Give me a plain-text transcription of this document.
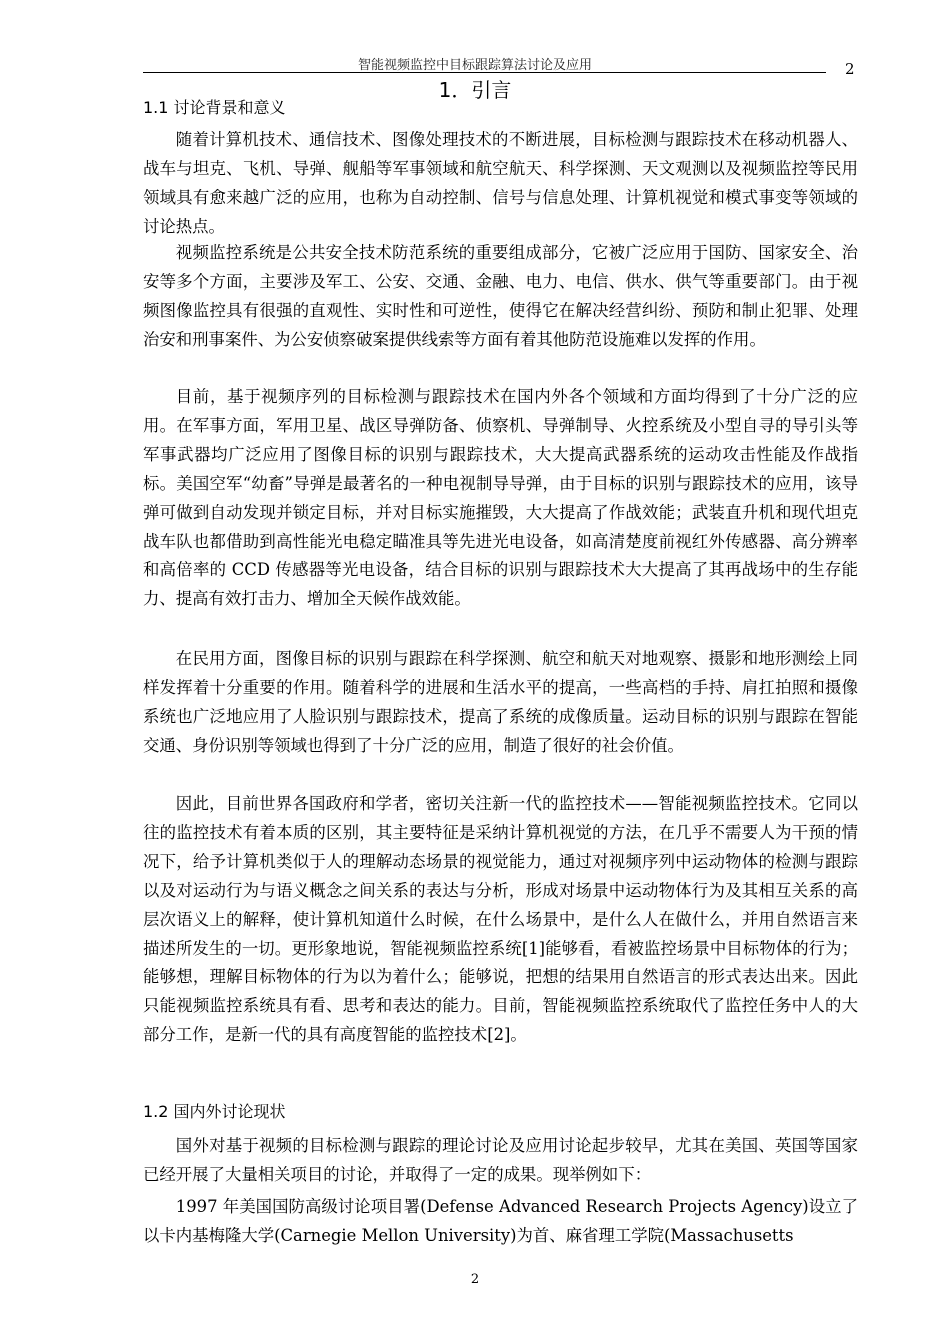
智能视频监控中目标跟踪算法讨论及应用	2
1．引言
1.1 讨论背景和意义

随着计算机技术、通信技术、图像处理技术的不断进展，目标检测与跟踪技术在移动机器人、战车与坦克、飞机、导弹、舰船等军事领域和航空航天、科学探测、天文观测以及视频监控等民用领域具有愈来越广泛的应用，也称为自动控制、信号与信息处理、计算机视觉和模式事变等领域的讨论热点。

视频监控系统是公共安全技术防范系统的重要组成部分，它被广泛应用于国防、国家安全、治安等多个方面，主要涉及军工、公安、交通、金融、电力、电信、供水、供气等重要部门。由于视频图像监控具有很强的直观性、实时性和可逆性，使得它在解决经营纠纷、预防和制止犯罪、处理治安和刑事案件、为公安侦察破案提供线索等方面有着其他防范设施难以发挥的作用。

目前，基于视频序列的目标检测与跟踪技术在国内外各个领域和方面均得到了十分广泛的应用。在军事方面，军用卫星、战区导弹防备、侦察机、导弹制导、火控系统及小型自寻的导引头等军事武器均广泛应用了图像目标的识别与跟踪技术，大大提高武器系统的运动攻击性能及作战指标。美国空军“幼畜”导弹是最著名的一种电视制导导弹，由于目标的识别与跟踪技术的应用，该导弹可做到自动发现并锁定目标，并对目标实施摧毁，大大提高了作战效能；武装直升机和现代坦克战车队也都借助到高性能光电稳定瞄准具等先进光电设备，如高清楚度前视红外传感器、高分辨率和高倍率的 CCD 传感器等光电设备，结合目标的识别与跟踪技术大大提高了其再战场中的生存能力、提高有效打击力、增加全天候作战效能。

在民用方面，图像目标的识别与跟踪在科学探测、航空和航天对地观察、摄影和地形测绘上同样发挥着十分重要的作用。随着科学的进展和生活水平的提高，一些高档的手持、肩扛拍照和摄像系统也广泛地应用了人脸识别与跟踪技术，提高了系统的成像质量。运动目标的识别与跟踪在智能交通、身份识别等领域也得到了十分广泛的应用，制造了很好的社会价值。

因此，目前世界各国政府和学者，密切关注新一代的监控技术——智能视频监控技术。它同以往的监控技术有着本质的区别，其主要特征是采纳计算机视觉的方法，在几乎不需要人为干预的情况下，给予计算机类似于人的理解动态场景的视觉能力，通过对视频序列中运动物体的检测与跟踪以及对运动行为与语义概念之间关系的表达与分析，形成对场景中运动物体行为及其相互关系的高层次语义上的解释，使计算机知道什么时候，在什么场景中，是什么人在做什么，并用自然语言来描述所发生的一切。更形象地说，智能视频监控系统[1]能够看，看被监控场景中目标物体的行为；能够想，理解目标物体的行为以为着什么；能够说，把想的结果用自然语言的形式表达出来。因此只能视频监控系统具有看、思考和表达的能力。目前，智能视频监控系统取代了监控任务中人的大部分工作，是新一代的具有高度智能的监控技术[2]。

1.2 国内外讨论现状

国外对基于视频的目标检测与跟踪的理论讨论及应用讨论起步较早，尤其在美国、英国等国家已经开展了大量相关项目的讨论，并取得了一定的成果。现举例如下：

1997 年美国国防高级讨论项目署(Defense Advanced Research Projects Agency)设立了以卡内基梅隆大学(Carnegie Mellon University)为首、麻省理工学院(Massachusetts

2
